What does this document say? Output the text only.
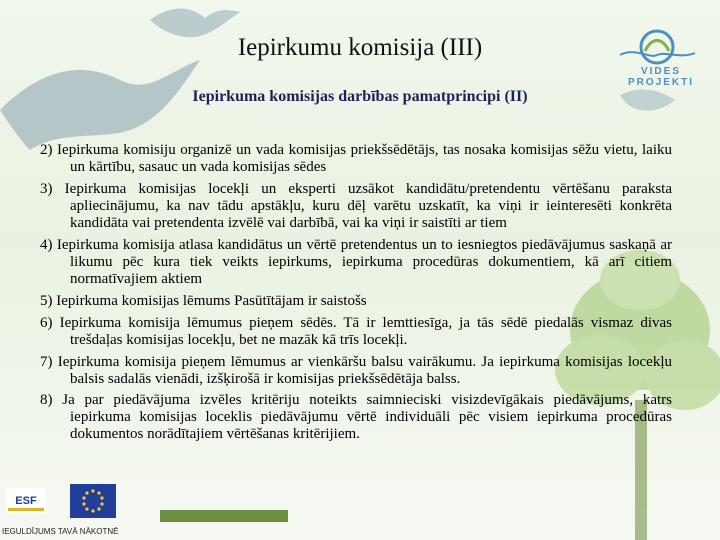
VIDES PROJEKTI
Iepirkumu komisija (III)
Iepirkuma komisijas darbības pamatprincipi (II)
2) Iepirkuma komisiju organizē un vada komisijas priekšsēdētājs, tas nosaka komisijas sēžu vietu, laiku un kārtību, sasauc un vada komisijas sēdes
3) Iepirkuma komisijas locekļi un eksperti uzsākot kandidātu/pretendentu vērtēšanu paraksta apliecinājumu, ka nav tādu apstākļu, kuru dēļ varētu uzskatīt, ka viņi ir ieinteresēti konkrēta kandidāta vai pretendenta izvēlē vai darbībā, vai ka viņi ir saistīti ar tiem
4) Iepirkuma komisija atlasa kandidātus un vērtē pretendentus un to iesniegtos piedāvājumus saskaņā ar likumu pēc kura tiek veikts iepirkums, iepirkuma procedūras dokumentiem, kā arī citiem normatīvajiem aktiem
5) Iepirkuma komisijas lēmums Pasūtītājam ir saistošs
6) Iepirkuma komisija lēmumus pieņem sēdēs. Tā ir lemttiesīga, ja tās sēdē piedalās vismaz divas trešdaļas komisijas locekļu, bet ne mazāk kā trīs locekļi.
7) Iepirkuma komisija pieņem lēmumus ar vienkāršu balsu vairākumu. Ja iepirkuma komisijas locekļu balsis sadalās vienādi, izšķirošā ir komisijas priekšsēdētāja balss.
8) Ja par piedāvājuma izvēles kritēriju noteikts saimnieciski visizdevīgākais piedāvājums, katrs iepirkuma komisijas loceklis piedāvājumu vērtē individuāli pēc visiem iepirkuma procedūras dokumentos norādītajiem vērtēšanas kritērijiem.
ESF
IEGULDĪJUMS TAVĀ NĀKOTNĒ
